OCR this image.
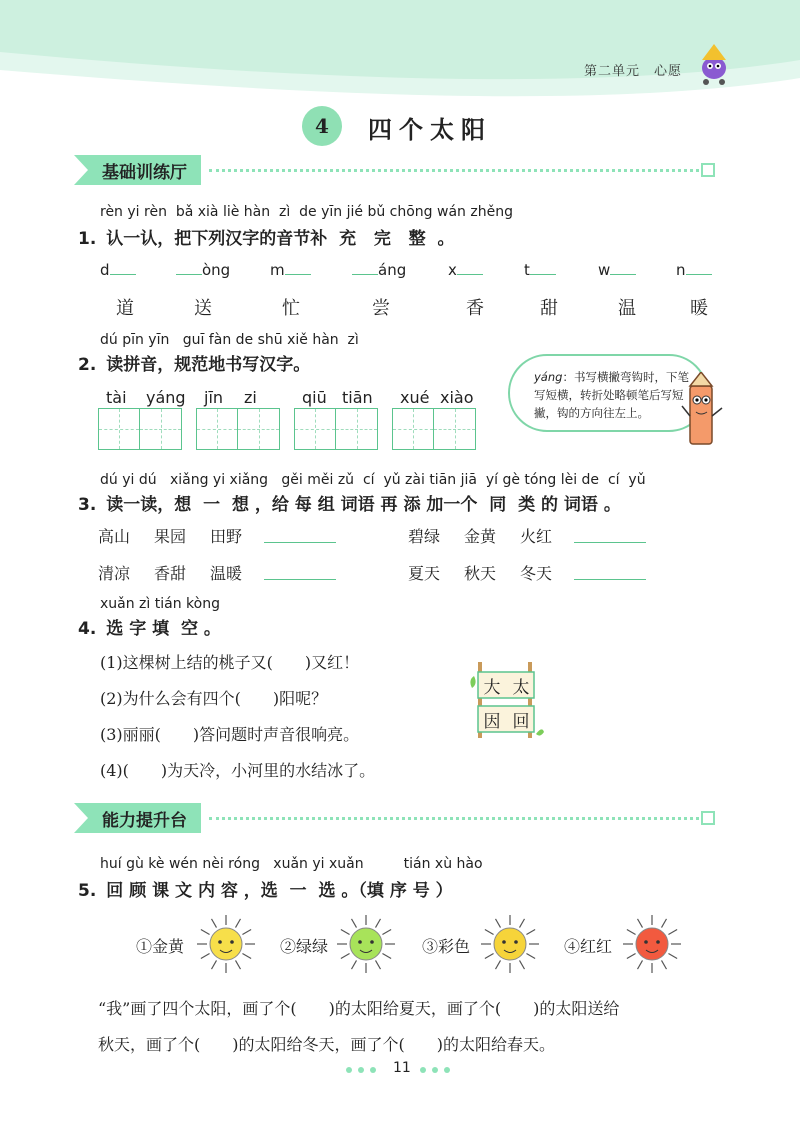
第二单元　心愿
4	四个太阳
基础训练厅
rèn yi rèn  bǎ xià liè hàn  zì  de yīn jié bǔ chōng wán zhěng
1. 认一认，把下列汉字的音节补  充   完   整  。
d	òng	m	áng	x	t	w	n
道	送	忙	尝	香	甜	温	暖
dú pīn yīn   guī fàn de shū xiě hàn  zì
2. 读拼音，规范地书写汉字。
tài yáng jīn zi	qiū tiān xué xiào
yáng：书写横撇弯钩时，下笔写短横，转折处略顿笔后写短撇，钩的方向往左上。
dú yi dú   xiǎng yi xiǎng   gěi měi zǔ  cí  yǔ zài tiān jiā  yí gè tóng lèi de  cí  yǔ
3. 读一读，想  一  想 ，给 每 组 词语 再 添 加一个  同  类 的 词语 。
高山 果园 田野	碧绿 金黄 火红
清凉 香甜 温暖	夏天 秋天 冬天
xuǎn zì tián kòng
4. 选 字 填  空 。
(1)这棵树上结的桃子又(　　)又红！
(2)为什么会有四个(　　)阳呢？
(3)丽丽(　　)答问题时声音很响亮。
(4)(　　)为天冷，小河里的水结冰了。
大 太
因 回
能力提升台
huí gù kè wén nèi róng   xuǎn yi xuǎn         tián xù hào
5. 回 顾 课 文 内 容 ，选  一  选 。（填 序 号 ）
①金黄	②绿绿	③彩色	④红红
“我”画了四个太阳，画了个(　　)的太阳给夏天，画了个(　　)的太阳送给
秋天，画了个(　　)的太阳给冬天，画了个(　　)的太阳给春天。
11
